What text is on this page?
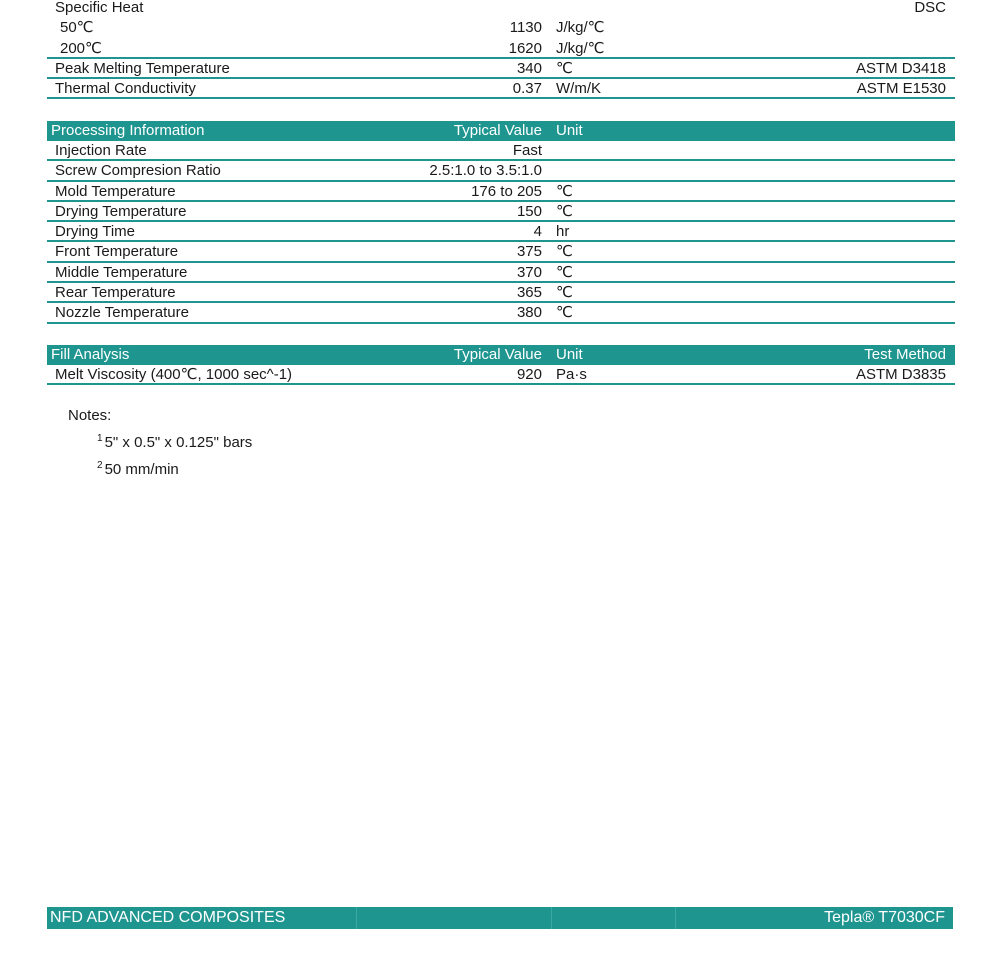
Specific Heat	DSC
50℃	1130 J/kg/℃
200℃	1620 J/kg/℃
Peak Melting Temperature	340 ℃	ASTM D3418
Thermal Conductivity	0.37 W/m/K	ASTM E1530
Processing Information	Typical Value Unit
Injection Rate	Fast
Screw Compresion Ratio	2.5:1.0 to 3.5:1.0
Mold Temperature	176 to 205 ℃
Drying Temperature	150 ℃
Drying Time	4 hr
Front Temperature	375 ℃
Middle Temperature	370 ℃
Rear Temperature	365 ℃
Nozzle Temperature	380 ℃
Fill Analysis	Typical Value Unit	Test Method
Melt Viscosity (400℃, 1000 sec^-1)	920 Pa·s	ASTM D3835
Notes:
$^1$ 5" x 0.5" x 0.125" bars
$^2$ 50 mm/min
NFD ADVANCED COMPOSITES	Tepla® T7030CF
